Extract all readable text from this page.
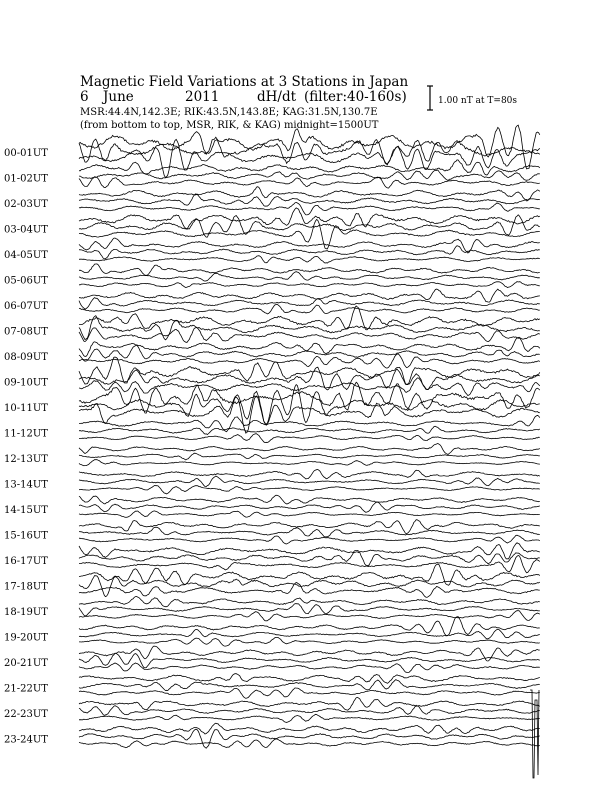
Magnetic Field Variations at 3 Stations in Japan
6 June	2011	dH/dt (filter:40-160s)
MSR:44.4N,142.3E; RIK:43.5N,143.8E; KAG:31.5N,130.7E
(from bottom to top, MSR, RIK, & KAG) midnight=1500UT
1.00 nT at T=80s
00-01UT
01-02UT
02-03UT
03-04UT
04-05UT
05-06UT
06-07UT
07-08UT
08-09UT
09-10UT
10-11UT
11-12UT
12-13UT
13-14UT
14-15UT
15-16UT
16-17UT
17-18UT
18-19UT
19-20UT
20-21UT
21-22UT
22-23UT
23-24UT
